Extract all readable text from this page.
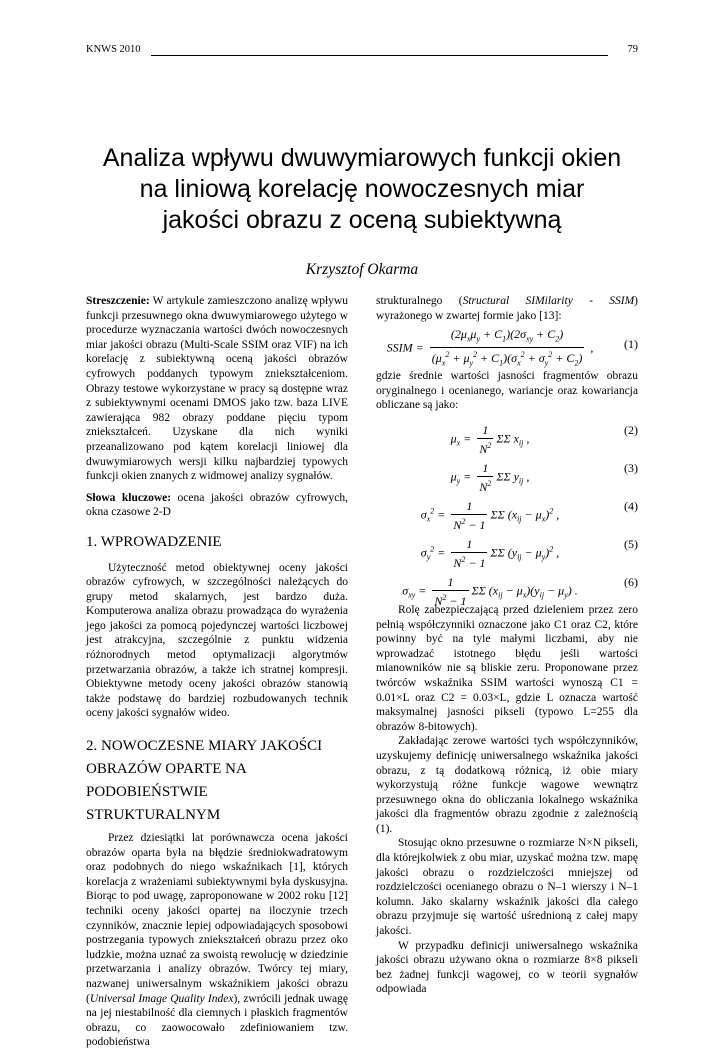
KNWS 2010	79
Analiza wpływu dwuwymiarowych funkcji okien
na liniową korelację nowoczesnych miar
jakości obrazu z oceną subiektywną
Krzysztof Okarma

Streszczenie: W artykule zamieszczono analizę wpływu funkcji przesuwnego okna dwuwymiarowego użytego w procedurze wyznaczania wartości dwóch nowoczesnych miar jakości obrazu (Multi-Scale SSIM oraz VIF) na ich korelację z subiektywną oceną jakości obrazów cyfrowych poddanych typowym zniekształceniom. Obrazy testowe wykorzystane w pracy są dostępne wraz z subiektywnymi ocenami DMOS jako tzw. baza LIVE zawierająca 982 obrazy poddane pięciu typom zniekształceń. Uzyskane dla nich wyniki przeanalizowano pod kątem korelacji liniowej dla dwuwymiarowych wersji kilku najbardziej typowych funkcji okien znanych z widmowej analizy sygnałów.

Słowa kluczowe: ocena jakości obrazów cyfrowych, okna czasowe 2-D

1. WPROWADZENIE

Użyteczność metod obiektywnej oceny jakości obrazów cyfrowych, w szczególności należących do grupy metod skalarnych, jest bardzo duża. Komputerowa analiza obrazu prowadząca do wyrażenia jego jakości za pomocą pojedynczej wartości liczbowej jest atrakcyjna, szczególnie z punktu widzenia różnorodnych metod optymalizacji algorytmów przetwarzania obrazów, a także ich stratnej kompresji. Obiektywne metody oceny jakości obrazów stanowią także podstawę do bardziej rozbudowanych technik oceny jakości sygnałów wideo.

2. NOWOCZESNE MIARY JAKOŚCI
OBRAZÓW OPARTE NA PODOBIEŃSTWIE
STRUKTURALNYM

Przez dziesiątki lat porównawcza ocena jakości obrazów oparta była na błędzie średniokwadratowym oraz podobnych do niego wskaźnikach [1], których korelacja z wrażeniami subiektywnymi była dyskusyjna. Biorąc to pod uwagę, zaproponowane w 2002 roku [12] techniki oceny jakości opartej na iloczynie trzech czynników, znacznie lepiej odpowiadających sposobowi postrzegania typowych zniekształceń obrazu przez oko ludzkie, można uznać za swoistą rewolucję w dziedzinie przetwarzania i analizy obrazów. Twórcy tej miary, nazwanej uniwersalnym wskaźnikiem jakości obrazu (Universal Image Quality Index), zwrócili jednak uwagę na jej niestabilność dla ciemnych i płaskich fragmentów obrazu, co zaowocowało zdefiniowaniem tzw. podobieństwa

strukturalnego (Structural SIMilarity - SSIM) wyrażonego w zwartej formie jako [13]:

SSIM = $\frac{(2\mu_x\mu_y + C_1)(2\sigma_{xy} + C_2)}{(\mu_x^2 + \mu_y^2 + C_1)(\sigma_x^2 + \sigma_y^2 + C_2)}$ ,	(1)

gdzie średnie wartości jasności fragmentów obrazu oryginalnego i ocenianego, wariancje oraz kowariancja obliczane są jako:

$\mu_x = \frac{1}{N^2}$ ΣΣ $x_{ij}$ ,
(2)
$\mu_y = \frac{1}{N^2}$ ΣΣ $y_{ij}$ ,
(3)
$\sigma_x^2 = \frac{1}{N^2 - 1}$ ΣΣ $(x_{ij} - \mu_x)^2$ ,
(4)
$\sigma_y^2 = \frac{1}{N^2 - 1}$ ΣΣ $(y_{ij} - \mu_y)^2$ ,
(5)
$\sigma_{xy} = \frac{1}{N^2 - 1}$ ΣΣ $(x_{ij} - \mu_x)(y_{ij} - \mu_y)$ .
(6)

Rolę zabezpieczającą przed dzieleniem przez zero pełnią współczynniki oznaczone jako C1 oraz C2, które powinny być na tyle małymi liczbami, aby nie wprowadzać istotnego błędu jeśli wartości mianowników nie są bliskie zeru. Proponowane przez twórców wskaźnika SSIM wartości wynoszą C1 = 0.01×L oraz C2 = 0.03×L, gdzie L oznacza wartość maksymalnej jasności pikseli (typowo L=255 dla obrazów 8-bitowych).

Zakładając zerowe wartości tych współczynników, uzyskujemy definicję uniwersalnego wskaźnika jakości obrazu, z tą dodatkową różnicą, iż obie miary wykorzystują różne funkcje wagowe wewnątrz przesuwnego okna do obliczania lokalnego wskaźnika jakości dla fragmentów obrazu zgodnie z zależnością (1).

Stosując okno przesuwne o rozmiarze N×N pikseli, dla którejkolwiek z obu miar, uzyskać można tzw. mapę jakości obrazu o rozdzielczości mniejszej od rozdzielczości ocenianego obrazu o N–1 wierszy i N–1 kolumn. Jako skalarny wskaźnik jakości dla całego obrazu przyjmuje się wartość uśrednioną z całej mapy jakości.

W przypadku definicji uniwersalnego wskaźnika jakości obrazu używano okna o rozmiarze 8×8 pikseli bez żadnej funkcji wagowej, co w teorii sygnałów odpowiada
